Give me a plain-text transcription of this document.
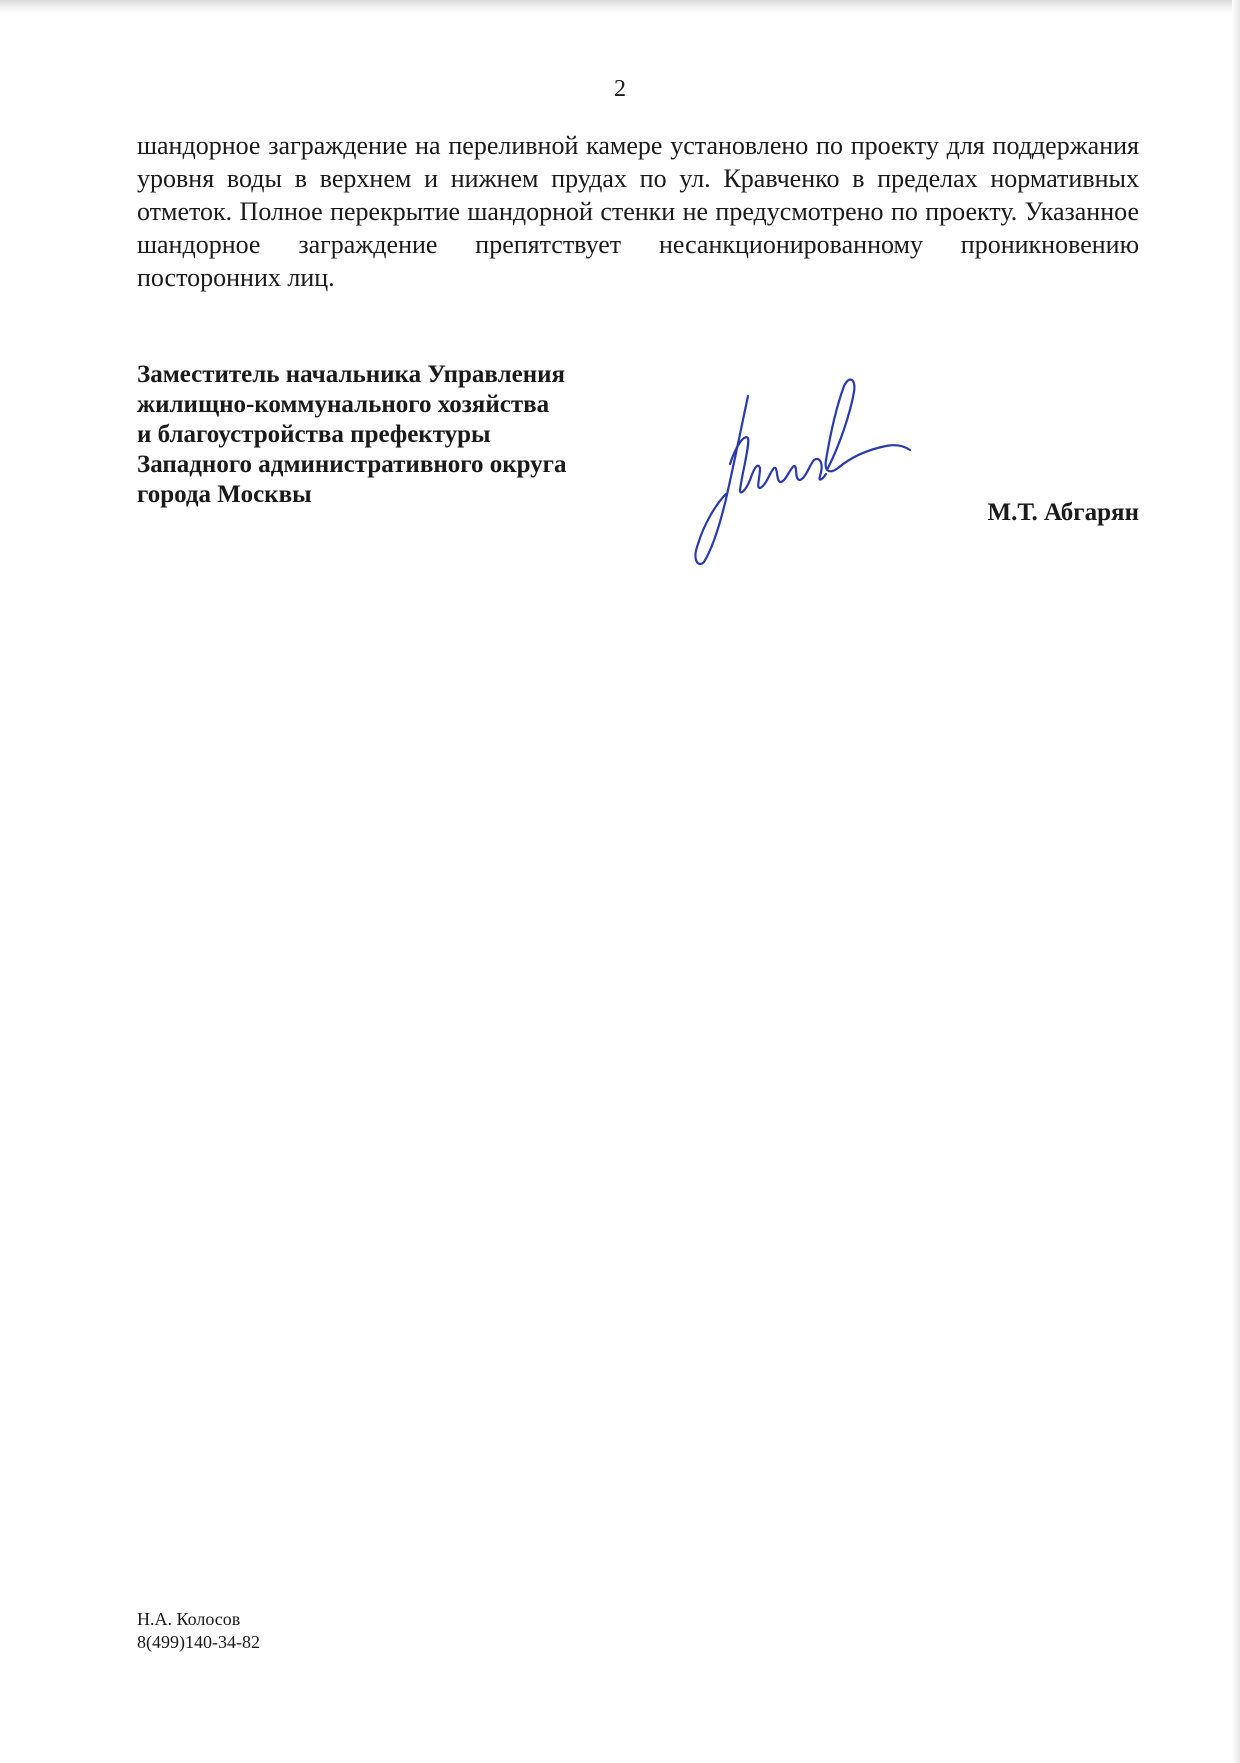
2

шандорное заграждение на переливной камере установлено по проекту для поддержания уровня воды в верхнем и нижнем прудах по ул. Кравченко в пределах нормативных отметок. Полное перекрытие шандорной стенки не предусмотрено по проекту. Указанное шандорное заграждение препятствует несанкционированному проникновению посторонних лиц.

Заместитель начальника Управления
жилищно-коммунального хозяйства
и благоустройства префектуры
Западного административного округа
города Москвы
М.Т. Абгарян
Н.А. Колосов
8(499)140-34-82
